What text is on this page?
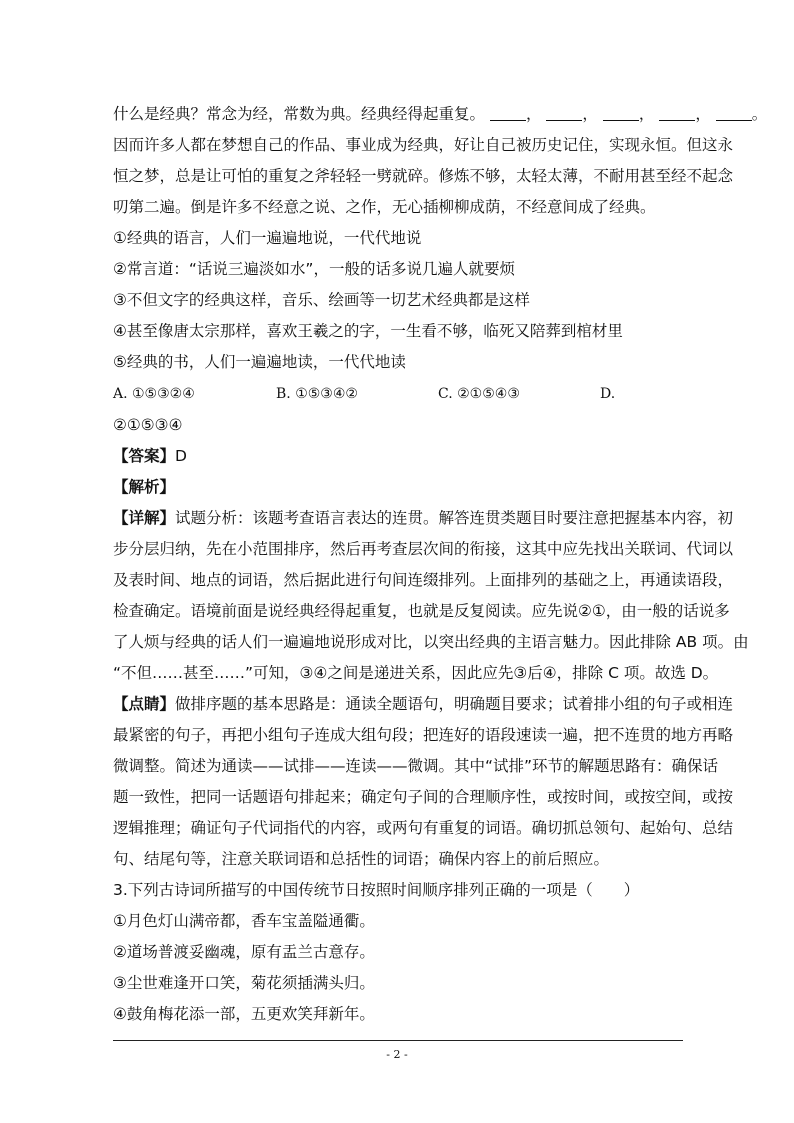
什么是经典？常念为经，常数为典。经典经得起重复。	，	，	，	，	。
因而许多人都在梦想自己的作品、事业成为经典，好让自己被历史记住，实现永恒。但这永
恒之梦，总是让可怕的重复之斧轻轻一劈就碎。修炼不够，太轻太薄，不耐用甚至经不起念
叨第二遍。倒是许多不经意之说、之作，无心插柳柳成荫，不经意间成了经典。
①经典的语言，人们一遍遍地说，一代代地说
②常言道：“话说三遍淡如水”，一般的话多说几遍人就要烦
③不但文字的经典这样，音乐、绘画等一切艺术经典都是这样
④甚至像唐太宗那样，喜欢王羲之的字，一生看不够，临死又陪葬到棺材里
⑤经典的书，人们一遍遍地读，一代代地读
A. ①⑤③②④	B. ①⑤③④②	C. ②①⑤④③	D.
②①⑤③④
【答案】D
【解析】
【详解】试题分析：该题考查语言表达的连贯。解答连贯类题目时要注意把握基本内容，初
步分层归纳，先在小范围排序，然后再考查层次间的衔接，这其中应先找出关联词、代词以
及表时间、地点的词语，然后据此进行句间连缀排列。上面排列的基础之上，再通读语段，
检查确定。语境前面是说经典经得起重复，也就是反复阅读。应先说②①，由一般的话说多
了人烦与经典的话人们一遍遍地说形成对比，以突出经典的主语言魅力。因此排除 AB 项。由
“不但……甚至……”可知，③④之间是递进关系，因此应先③后④，排除 C 项。故选 D。
【点睛】做排序题的基本思路是：通读全题语句，明确题目要求；试着排小组的句子或相连
最紧密的句子，再把小组句子连成大组句段；把连好的语段速读一遍，把不连贯的地方再略
微调整。简述为通读——试排——连读——微调。其中“试排”环节的解题思路有：确保话
题一致性，把同一话题语句排起来；确定句子间的合理顺序性，或按时间，或按空间，或按
逻辑推理；确证句子代词指代的内容，或两句有重复的词语。确切抓总领句、起始句、总结
句、结尾句等，注意关联词语和总括性的词语；确保内容上的前后照应。
3.下列古诗词所描写的中国传统节日按照时间顺序排列正确的一项是（　　）
①月色灯山满帝都，香车宝盖隘通衢。
②道场普渡妥幽魂，原有盂兰古意存。
③尘世难逢开口笑，菊花须插满头归。
④鼓角梅花添一部，五更欢笑拜新年。
- 2 -
